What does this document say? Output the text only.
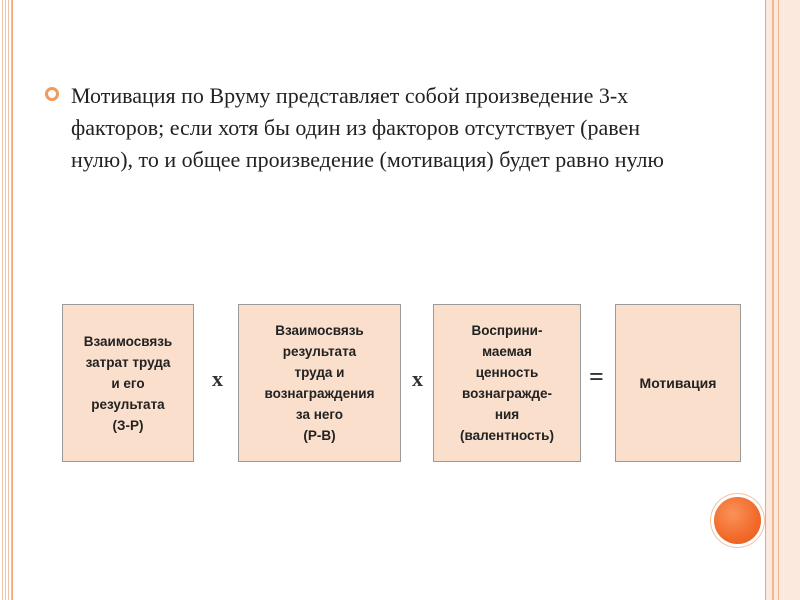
Мотивация по Вруму представляет собой произведение 3-х факторов; если хотя бы один из факторов отсутствует (равен нулю), то и общее произведение (мотивация) будет равно нулю
Взаимосвязь
затрат труда
и его
результата
(З-Р)
х
Взаимосвязь
результата
труда и
вознаграждения
за него
(Р-В)
х
Восприни-
маемая
ценность
вознагражде-
ния
(валентность)
=	Мотивация
